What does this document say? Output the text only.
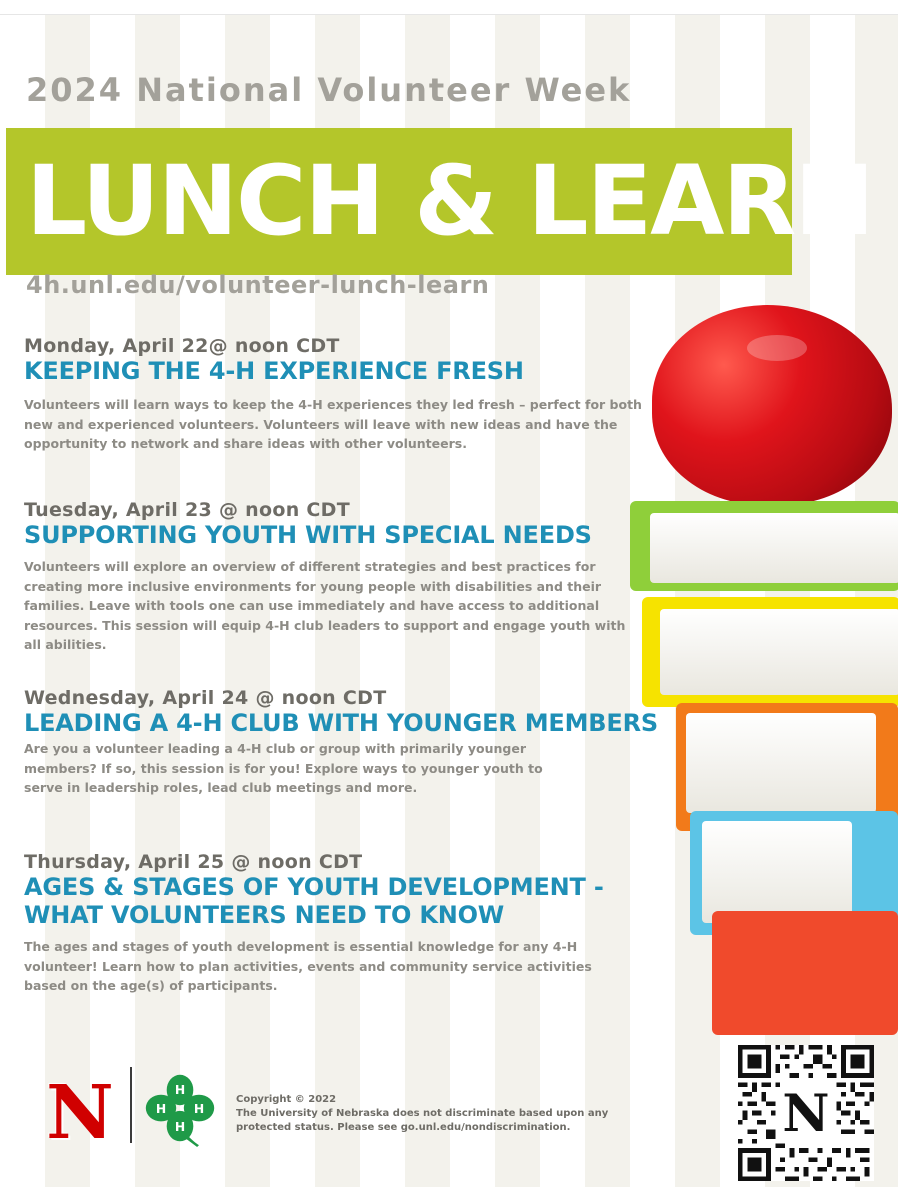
2024 National Volunteer Week
LUNCH & LEARN
4h.unl.edu/volunteer-lunch-learn
Monday, April 22@ noon CDT
KEEPING THE 4-H EXPERIENCE FRESH
Volunteers will learn ways to keep the 4-H experiences they led fresh – perfect for both new and experienced volunteers. Volunteers will leave with new ideas and have the opportunity to network and share ideas with other volunteers.
Tuesday, April 23 @ noon CDT
SUPPORTING YOUTH WITH SPECIAL NEEDS
Volunteers will explore an overview of different strategies and best practices for creating more inclusive environments for young people with disabilities and their families. Leave with tools one can use immediately and have access to additional resources. This session will equip 4-H club leaders to support and engage youth with all abilities.
Wednesday, April 24 @ noon CDT
LEADING A 4-H CLUB WITH YOUNGER MEMBERS
Are you a volunteer leading a 4-H club or group with primarily younger members? If so, this session is for you! Explore ways to younger youth to serve in leadership roles, lead club meetings and more.
Thursday, April 25 @ noon CDT
AGES & STAGES OF YOUTH DEVELOPMENT - WHAT VOLUNTEERS NEED TO KNOW
The ages and stages of youth development is essential knowledge for any 4-H volunteer! Learn how to plan activities, events and community service activities based on the age(s) of participants.
N	H
H
H H
Copyright © 2022
The University of Nebraska does not discriminate based upon any protected status. Please see go.unl.edu/nondiscrimination.	N
